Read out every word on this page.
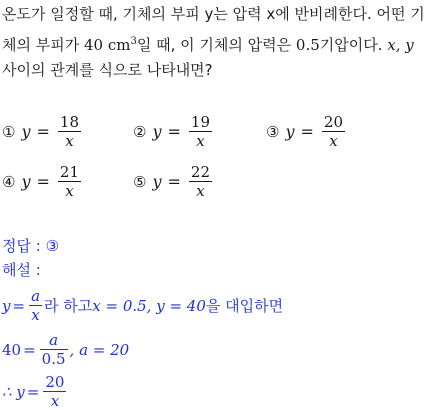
온도가 일정할 때, 기체의 부피 y는 압력 x에 반비례한다. 어떤 기
체의 부피가 40 $cm^3$일 때, 이 기체의 압력은 0.5기압이다. x, y
사이의 관계를 식으로 나타내면?
① $y = \frac{18}{x}$	② $y = \frac{19}{x}$	③ $y = \frac{20}{x}$
④ $y = \frac{21}{x}$	⑤ $y = \frac{22}{x}$
정답 : ③
해설 :
$y = \frac{a}{x}$ 라 하고 x = 0.5, y = 40 을 대입하면
$40 = \frac{a}{0.5}$ , a = 20
∴ $y = \frac{20}{x}$
